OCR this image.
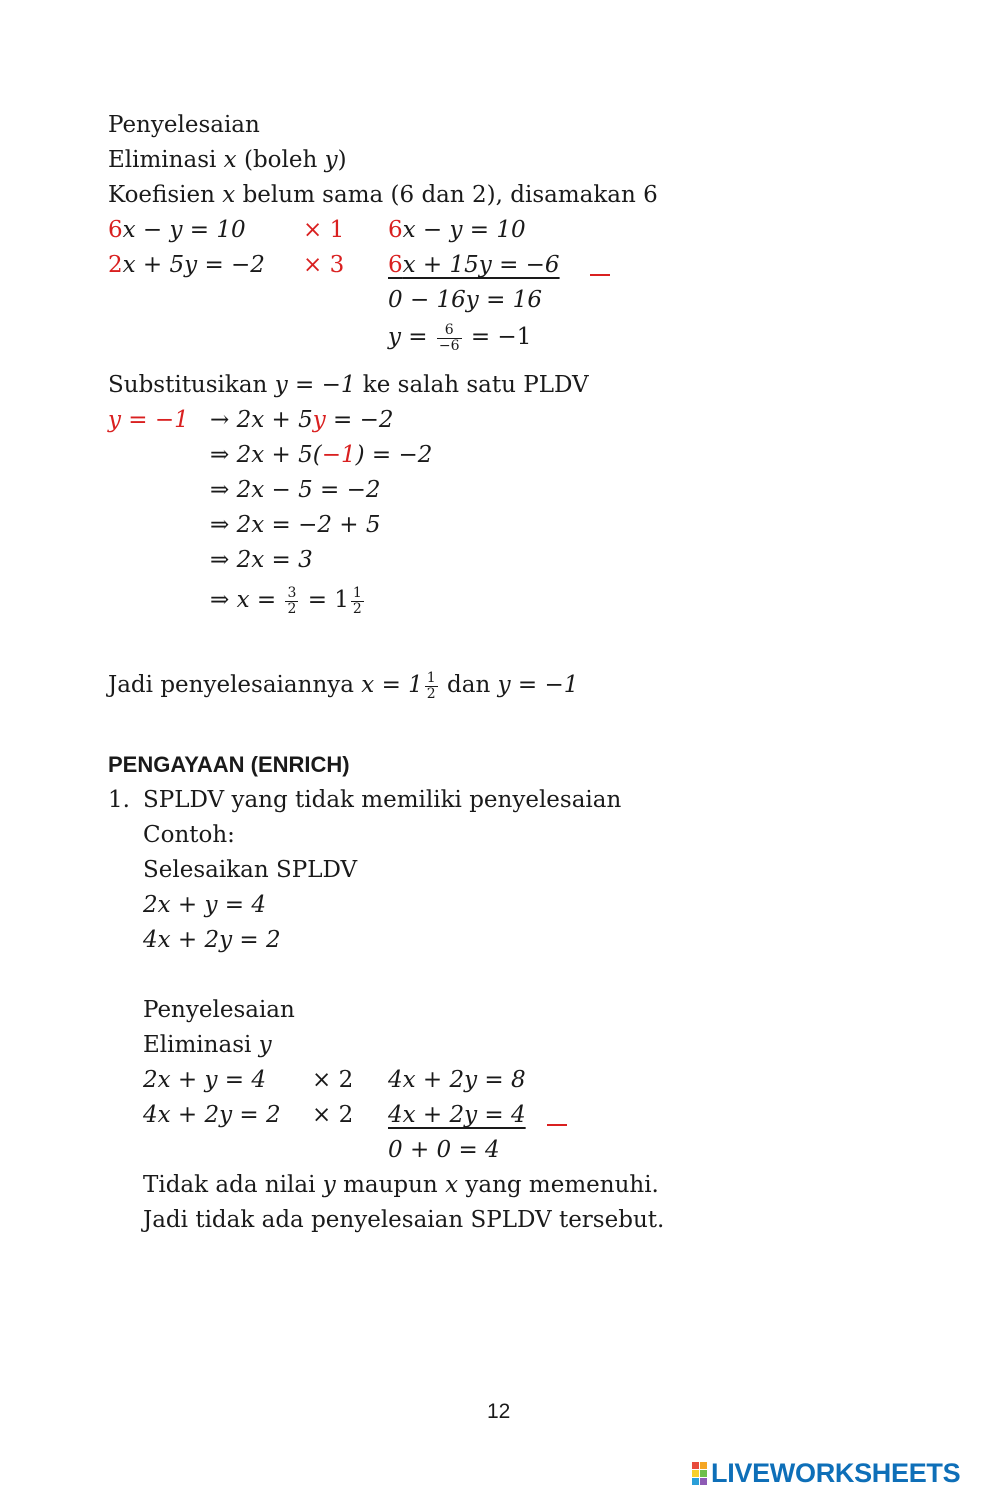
Penyelesaian
Eliminasi x (boleh y)
Koefisien x belum sama (6 dan 2), disamakan 6
6x − y = 10 × 1 6x − y = 10
2x + 5y = −2 × 3 6x + 15y = −6
0 − 16y = 16
$y = \frac{6}{-6} = -1$
Substitusikan y = −1 ke salah satu PLDV
y = −1 → 2x + 5y = −2
⇒ 2x + 5(−1) = −2
⇒ 2x − 5 = −2
⇒ 2x = −2 + 5
⇒ 2x = 3
⇒ $x = \frac{3}{2} = 1 \frac{1}{2}$
Jadi penyelesaiannya $x = 1 \frac{1}{2}$ dan y = −1
PENGAYAAN (ENRICH)
1. SPLDV yang tidak memiliki penyelesaian
Contoh:
Selesaikan SPLDV
2x + y = 4
4x + 2y = 2
Penyelesaian
Eliminasi y
2x + y = 4 × 2 4x + 2y = 8
4x + 2y = 2 × 2 4x + 2y = 4
0 + 0 = 4
Tidak ada nilai y maupun x yang memenuhi.
Jadi tidak ada penyelesaian SPLDV tersebut.
12
LIVEWORKSHEETS
